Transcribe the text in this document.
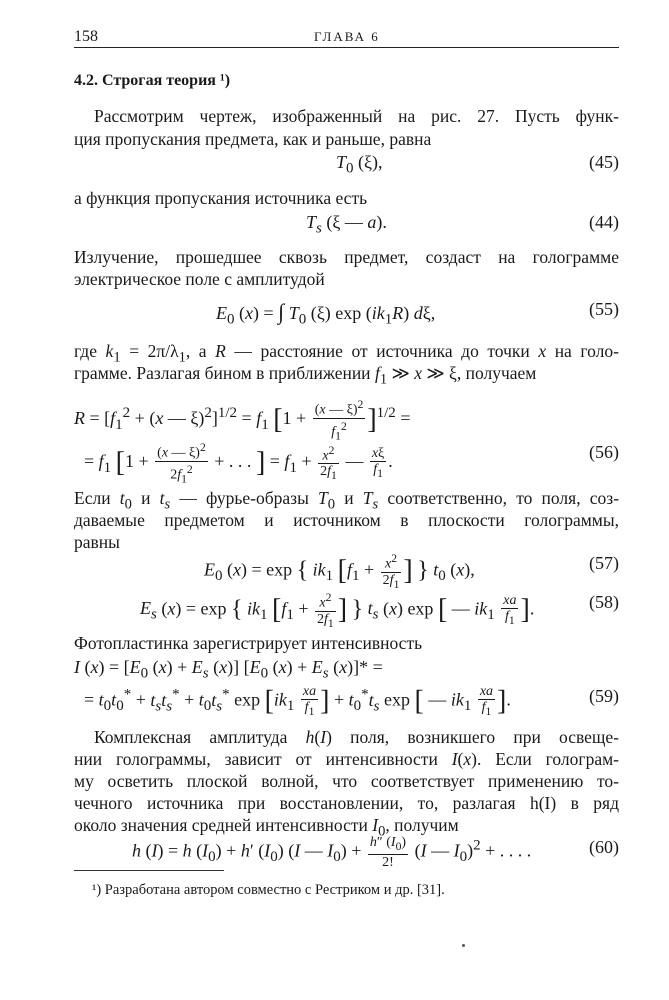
158	ГЛАВА 6
4.2. Строгая теория ¹)
Рассмотрим чертеж, изображенный на рис. 27. Пусть функ-
ция пропускания предмета, как и раньше, равна
$T_0$ (ξ),	(45)
а функция пропускания источника есть
$T_s$ (ξ — a).	(44)
Излучение, прошедшее сквозь предмет, создаст на голограмме
электрическое поле с амплитудой
$E_0$ (x) = ∫ $T_0$ (ξ) $\exp (ik_1R)$ dξ,	(55)
где $k_1 = 2\pi/\lambda_1$, а R — расстояние от источника до точки x на голо-
грамме. Разлагая бином в приближении $f_1$ ≫ x ≫ ξ, получаем
$R = [f_1^2 + (x$ — $\xi)^2]^{1/2} = f_1$ $[1 + \frac{(x — \xi)^2}{f_1^2} ]^{1/2}$ =
= $f_1$ [$1 + \frac{(x — \xi)^2}{2f_1^2}$ + . . . ] = $f_1 + \frac{x^2}{2f_1}$ — $\frac{x\xi}{f_1}$ .	(56)
Если $t_0$ и $t_s$ — фурье-образы $T_0$ и $T_s$ соответственно, то поля, соз-
даваемые предметом и источником в плоскости голограммы,
равны
$E_0$ (x) = exp { $ik_1$ [$f_1 + \frac{x^2}{2f_1}$ ] } $t_0$ (x),	(57)
$E_s$ (x) = exp { $ik_1$ [$f_1 + \frac{x^2}{2f_1}$ ] } $t_s$ (x) exp [ — $ik_1 \frac{xa}{f_1}$ ].	(58)
Фотопластинка зарегистрирует интенсивность
I $(x) = [E_0$ $(x) + E_s$ (x)] [$E_0$ $(x) + E_s$ (x)]* =
= $t_0t_0^* + t_st_s^* + t_0t_s^*$ $\exp [ik_1 \frac{xa}{f_1}$ ] + $t_0^*t_s$ exp [ — $ik_1 \frac{xa}{f_1}$ ].	(59)
Комплексная амплитуда h(I) поля, возникшего при освеще-
нии голограммы, зависит от интенсивности I(x). Если голограм-
му осветить плоской волной, что соответствует применению то-
чечного источника при восстановлении, то, разлагая h(I) в ряд
около значения средней интенсивности $I_0$, получим
h (I) = h $(I_0) + h'$ $(I_0)$ (I — $I_0) + \frac{h'' (I_0)}{2!} (I$ — $I_0)^2$ + . . . .	(60)
¹) Разработана автором совместно с Рестриком и др. [31].
